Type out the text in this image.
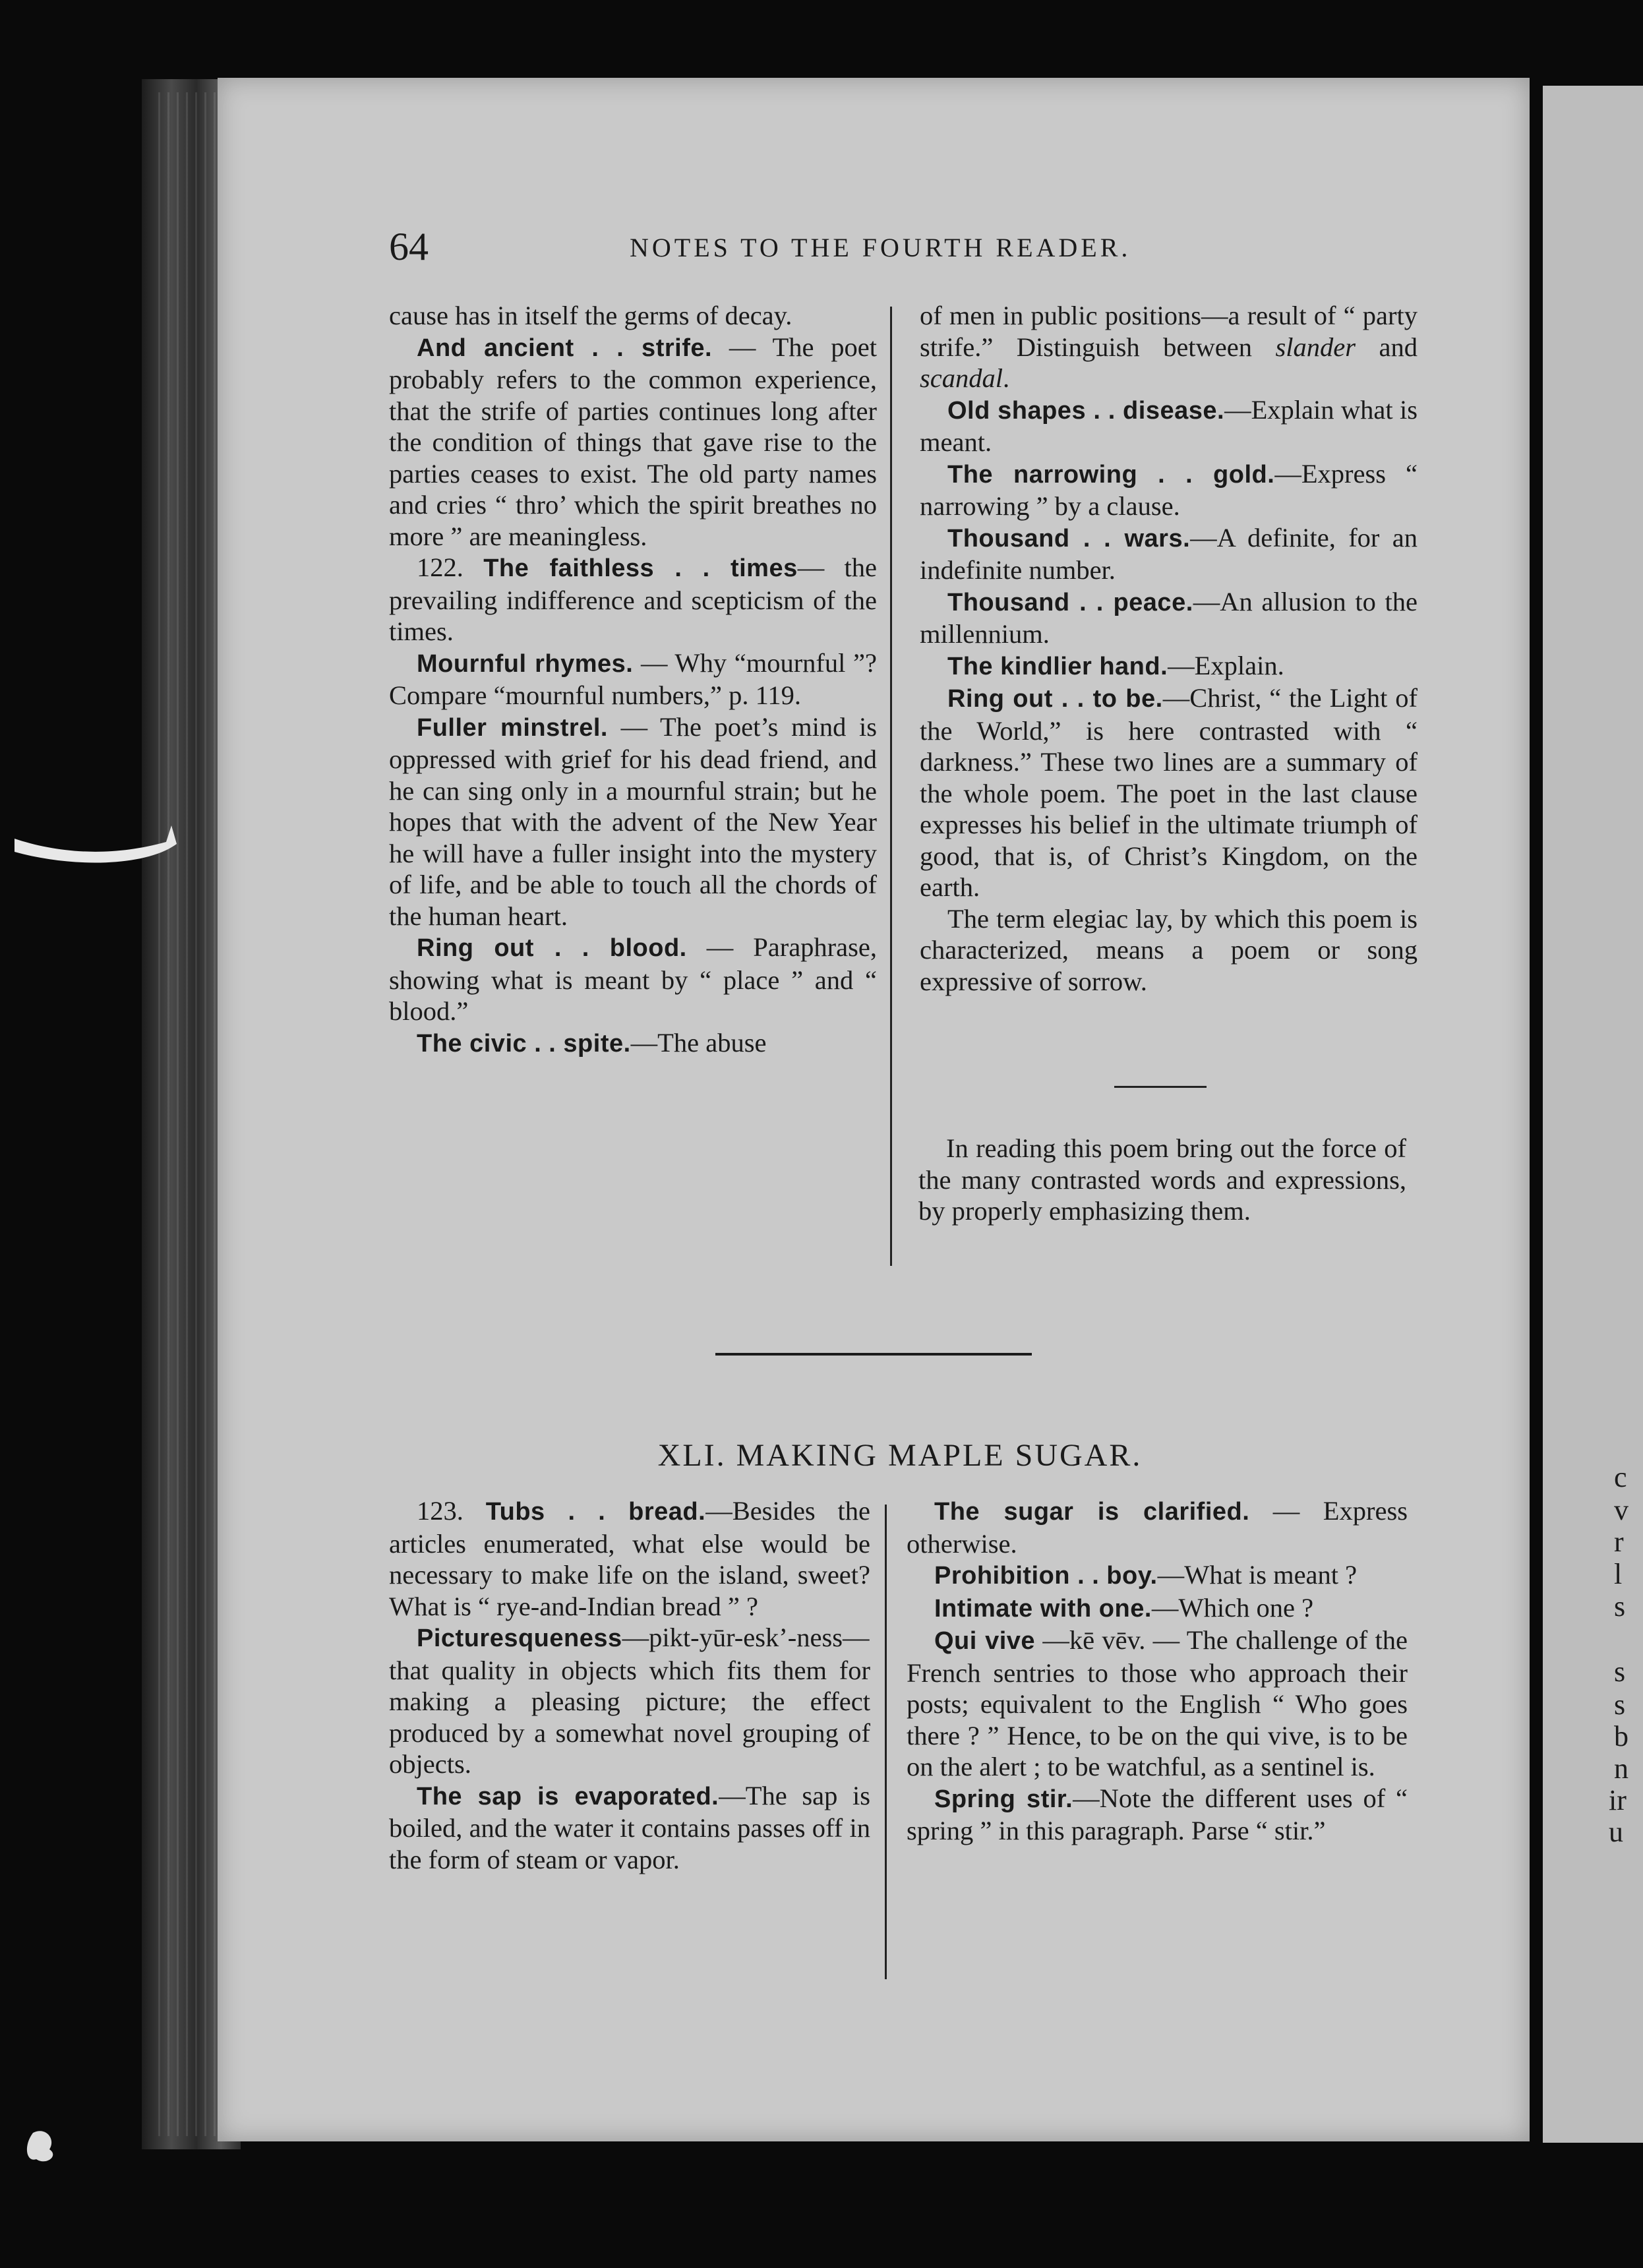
c
v
r
l
s
s
s
b
n
ir
u
64	NOTES TO THE FOURTH READER.

cause has in itself the germs of decay.

And ancient . . strife. — The poet probably refers to the common experience, that the strife of parties continues long after the condition of things that gave rise to the parties ceases to exist. The old party names and cries “ thro’ which the spirit breathes no more ” are meaningless.

122. The faithless . . times— the prevailing indifference and scepticism of the times.

Mournful rhymes. — Why “mournful ”? Compare “mournful numbers,” p. 119.

Fuller minstrel. — The poet’s mind is oppressed with grief for his dead friend, and he can sing only in a mournful strain; but he hopes that with the advent of the New Year he will have a fuller insight into the mystery of life, and be able to touch all the chords of the human heart.

Ring out . . blood. — Paraphrase, showing what is meant by “ place ” and “ blood.”

The civic . . spite.—The abuse

of men in public positions—a result of “ party strife.” Distinguish between slander and scandal.

Old shapes . . disease.—Explain what is meant.

The narrowing . . gold.—Express “ narrowing ” by a clause.

Thousand . . wars.—A definite, for an indefinite number.

Thousand . . peace.—An allusion to the millennium.

The kindlier hand.—Explain.

Ring out . . to be.—Christ, “ the Light of the World,” is here contrasted with “ darkness.” These two lines are a summary of the whole poem. The poet in the last clause expresses his belief in the ultimate triumph of good, that is, of Christ’s Kingdom, on the earth.

The term elegiac lay, by which this poem is characterized, means a poem or song expressive of sorrow.

In reading this poem bring out the force of the many contrasted words and expressions, by properly emphasizing them.

XLI. MAKING MAPLE SUGAR.

123. Tubs . . bread.—Besides the articles enumerated, what else would be necessary to make life on the island, sweet? What is “ rye-and-Indian bread ” ?

Picturesqueness—pikt-yūr-esk’-ness—that quality in objects which fits them for making a pleasing picture; the effect produced by a somewhat novel grouping of objects.

The sap is evaporated.—The sap is boiled, and the water it contains passes off in the form of steam or vapor.

The sugar is clarified. — Express otherwise.

Prohibition . . boy.—What is meant ?

Intimate with one.—Which one ?

Qui vive —kē vēv. — The challenge of the French sentries to those who approach their posts; equivalent to the English “ Who goes there ? ” Hence, to be on the qui vive, is to be on the alert ; to be watchful, as a sentinel is.

Spring stir.—Note the different uses of “ spring ” in this paragraph. Parse “ stir.”
